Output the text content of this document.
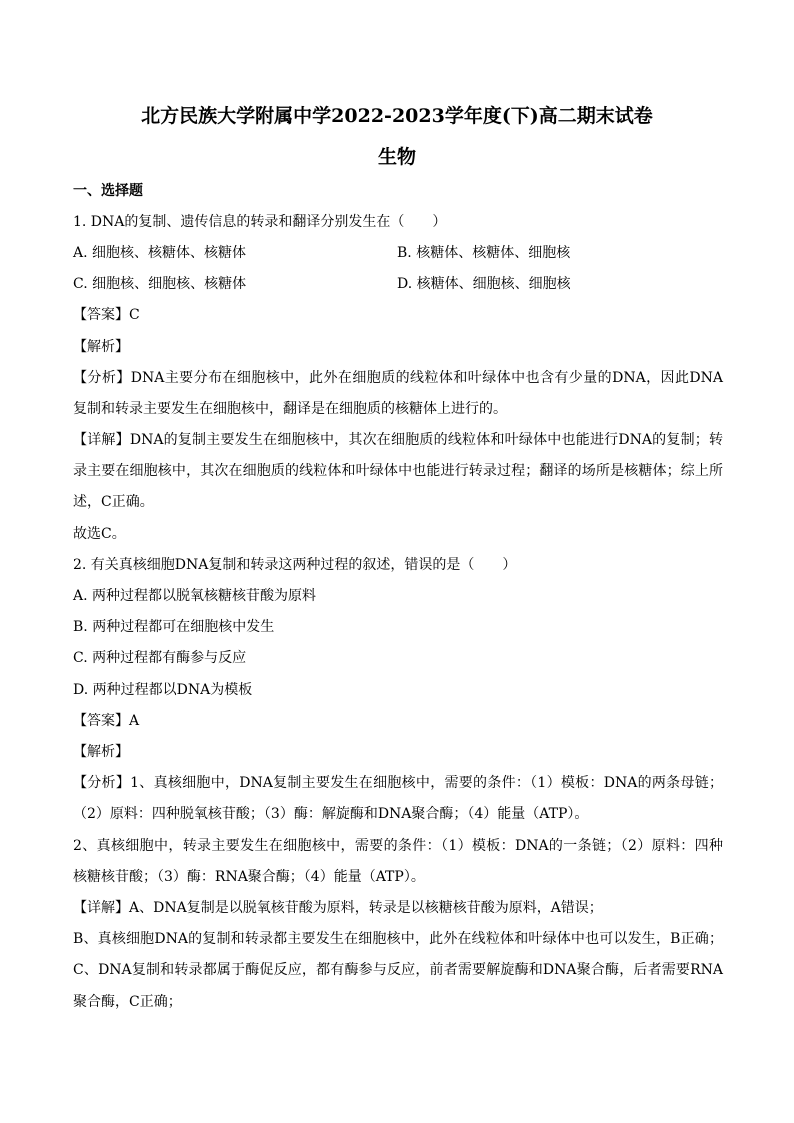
北方民族大学附属中学2022-2023学年度(下)高二期末试卷
生物
一、选择题
1. DNA的复制、遗传信息的转录和翻译分别发生在（　　）
A. 细胞核、核糖体、核糖体	B. 核糖体、核糖体、细胞核
C. 细胞核、细胞核、核糖体	D. 核糖体、细胞核、细胞核
【答案】C
【解析】
【分析】DNA主要分布在细胞核中，此外在细胞质的线粒体和叶绿体中也含有少量的DNA，因此DNA
复制和转录主要发生在细胞核中，翻译是在细胞质的核糖体上进行的。
【详解】DNA的复制主要发生在细胞核中，其次在细胞质的线粒体和叶绿体中也能进行DNA的复制；转
录主要在细胞核中，其次在细胞质的线粒体和叶绿体中也能进行转录过程；翻译的场所是核糖体；综上所
述，C正确。
故选C。
2. 有关真核细胞DNA复制和转录这两种过程的叙述，错误的是（　　）
A. 两种过程都以脱氧核糖核苷酸为原料
B. 两种过程都可在细胞核中发生
C. 两种过程都有酶参与反应
D. 两种过程都以DNA为模板
【答案】A
【解析】
【分析】1、真核细胞中，DNA复制主要发生在细胞核中，需要的条件：（1）模板：DNA的两条母链；
（2）原料：四种脱氧核苷酸；（3）酶：解旋酶和DNA聚合酶；（4）能量（ATP）。
2、真核细胞中，转录主要发生在细胞核中，需要的条件：（1）模板：DNA的一条链；（2）原料：四种
核糖核苷酸；（3）酶：RNA聚合酶；（4）能量（ATP）。
【详解】A、DNA复制是以脱氧核苷酸为原料，转录是以核糖核苷酸为原料，A错误；
B、真核细胞DNA的复制和转录都主要发生在细胞核中，此外在线粒体和叶绿体中也可以发生，B正确；
C、DNA复制和转录都属于酶促反应，都有酶参与反应，前者需要解旋酶和DNA聚合酶，后者需要RNA
聚合酶，C正确；
